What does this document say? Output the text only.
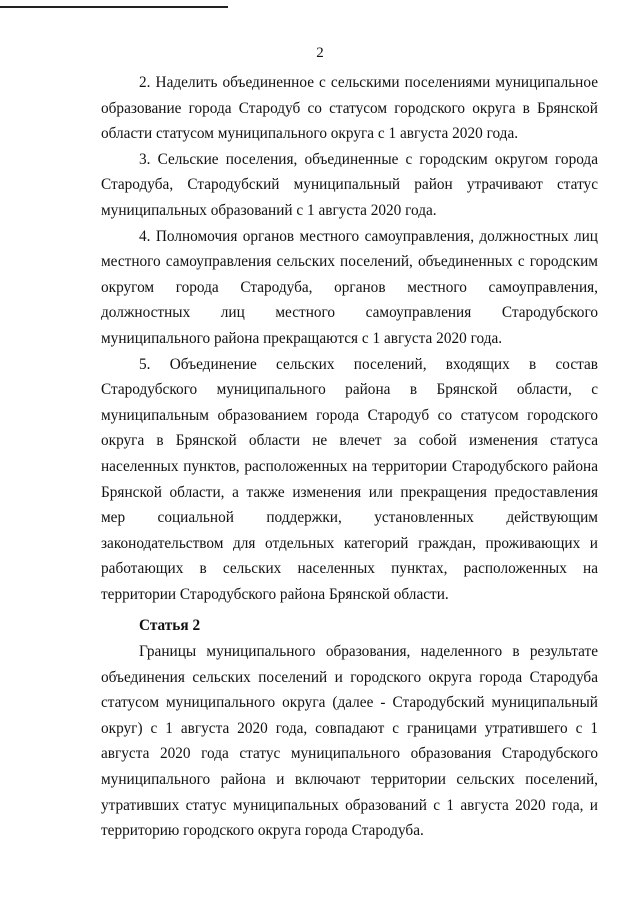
2

2. Наделить объединенное с сельскими поселениями муниципальное образование города Стародуб со статусом городского округа в Брянской области статусом муниципального округа с 1 августа 2020 года.

3. Сельские поселения, объединенные с городским округом города Стародуба, Стародубский муниципальный район утрачивают статус муниципальных образований с 1 августа 2020 года.

4. Полномочия органов местного самоуправления, должностных лиц местного самоуправления сельских поселений, объединенных с городским округом города Стародуба, органов местного самоуправления, должностных лиц местного самоуправления Стародубского муниципального района прекращаются с 1 августа 2020 года.

5. Объединение сельских поселений, входящих в состав Стародубского муниципального района в Брянской области, с муниципальным образованием города Стародуб со статусом городского округа в Брянской области не влечет за собой изменения статуса населенных пунктов, расположенных на территории Стародубского района Брянской области, а также изменения или прекращения предоставления мер социальной поддержки, установленных действующим законодательством для отдельных категорий граждан, проживающих и работающих в сельских населенных пунктах, расположенных на территории Стародубского района Брянской области.

Статья 2

Границы муниципального образования, наделенного в результате объединения сельских поселений и городского округа города Стародуба статусом муниципального округа (далее - Стародубский муниципальный округ) с 1 августа 2020 года, совпадают с границами утратившего с 1 августа 2020 года статус муниципального образования Стародубского муниципального района и включают территории сельских поселений, утративших статус муниципальных образований с 1 августа 2020 года, и территорию городского округа города Стародуба.
